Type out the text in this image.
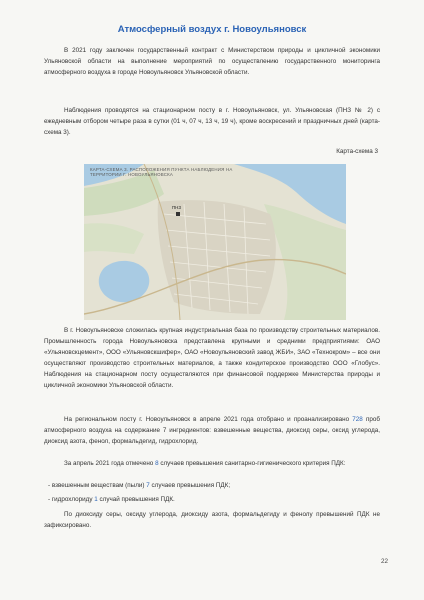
Атмосферный воздух г. Новоульяновск
В 2021 году заключен государственный контракт с Министерством природы и цикличной экономики Ульяновской области на выполнение мероприятий по осуществлению государственного мониторинга атмосферного воздуха в городе Новоульяновск Ульяновской области.
Наблюдения проводятся на стационарном посту в г. Новоульяновск, ул. Ульяновская (ПНЗ № 2) с ежедневным отбором четыре раза в сутки (01 ч, 07 ч, 13 ч, 19 ч), кроме воскресений и праздничных дней (карта-схема 3).
Карта-схема 3
КАРТА-СХЕМА 3. РАСПОЛОЖЕНИЯ ПУНКТА НАБЛЮДЕНИЯ НА ТЕРРИТОРИИ Г. НОВОУЛЬЯНОВСКА
ПНЗ
В г. Новоульяновске сложилась крупная индустриальная база по производству строительных материалов. Промышленность города Новоульяновска представлена крупными и средними предприятиями: ОАО «Ульяновскцемент», ООО «Ульяновскшифер», ОАО «Новоульяновский завод ЖБИ», ЗАО «Технокром» – все они осуществляют производство строительных материалов, а также кондитерское производство ООО «Глобус». Наблюдения на стационарном посту осуществляются при финансовой поддержке Министерства природы и цикличной экономики Ульяновской области.
На региональном посту г. Новоульяновск в апреле 2021 года отобрано и проанализировано 728 проб атмосферного воздуха на содержание 7 ингредиентов: взвешенные вещества, диоксид серы, оксид углерода, диоксид азота, фенол, формальдегид, гидрохлорид.
За апрель 2021 года отмечено 8 случаев превышения санитарно-гигиенического критерия ПДК:
- взвешенным веществам (пыли) 7 случаев превышения ПДК;
- гидрохлориду 1 случай превышения ПДК.
По диоксиду серы, оксиду углерода, диоксиду азота, формальдегиду и фенолу превышений ПДК не зафиксировано.
22
